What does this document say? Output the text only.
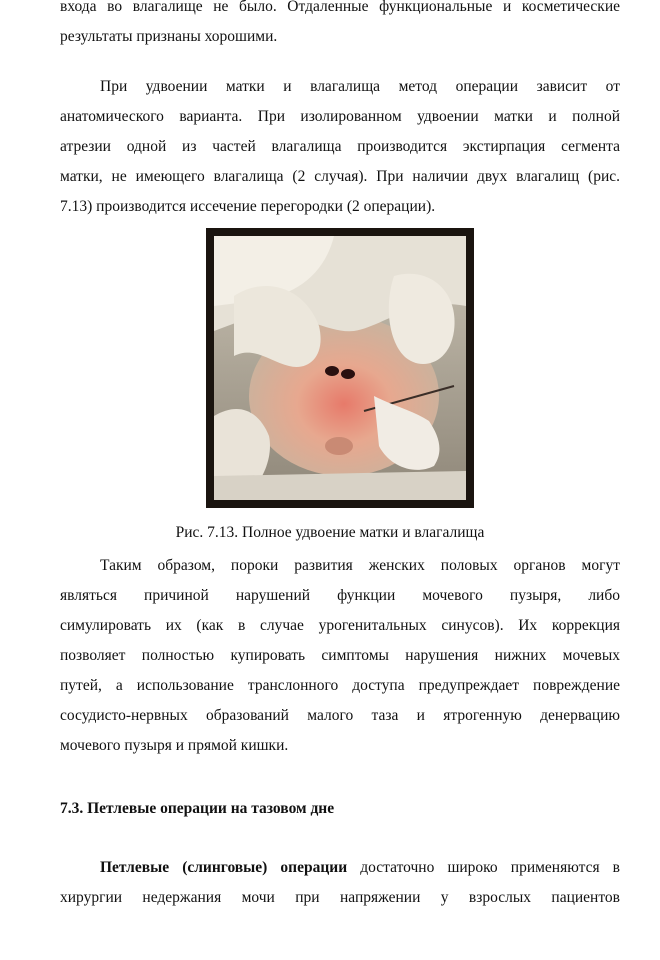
входа во влагалище не было. Отдаленные функциональные и косметические
результаты признаны хорошими.
При удвоении матки и влагалища метод операции зависит от
анатомического варианта. При изолированном удвоении матки и полной
атрезии одной из частей влагалища производится экстирпация сегмента
матки, не имеющего влагалища (2 случая). При наличии двух влагалищ (рис.
7.13) производится иссечение перегородки (2 операции).
Рис. 7.13. Полное удвоение матки и влагалища
Таким образом, пороки развития женских половых органов могут
являться причиной нарушений функции мочевого пузыря, либо
симулировать их (как в случае урогенитальных синусов). Их коррекция
позволяет полностью купировать симптомы нарушения нижних мочевых
путей, а использование транслонного доступа предупреждает повреждение
сосудисто-нервных образований малого таза и ятрогенную денервацию
мочевого пузыря и прямой кишки.
7.3. Петлевые операции на тазовом дне
Петлевые (слинговые) операции достаточно широко применяются в
хирургии недержания мочи при напряжении у взрослых пациентов
